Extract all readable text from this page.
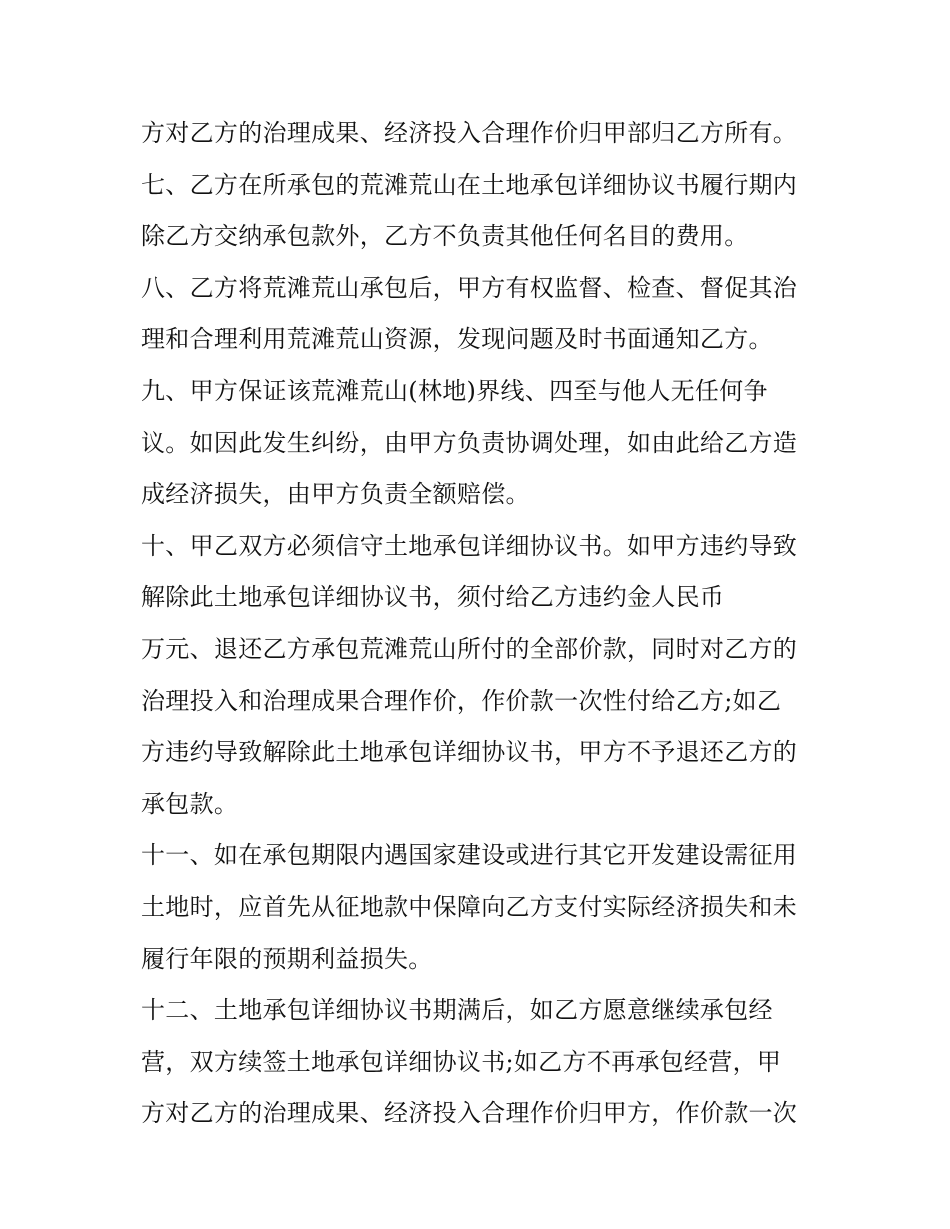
方对乙方的治理成果、经济投入合理作价归甲部归乙方所有。
七、乙方在所承包的荒滩荒山在土地承包详细协议书履行期内
除乙方交纳承包款外，乙方不负责其他任何名目的费用。
八、乙方将荒滩荒山承包后，甲方有权监督、检查、督促其治
理和合理利用荒滩荒山资源，发现问题及时书面通知乙方。
九、甲方保证该荒滩荒山(林地)界线、四至与他人无任何争
议。如因此发生纠纷，由甲方负责协调处理，如由此给乙方造
成经济损失，由甲方负责全额赔偿。
十、甲乙双方必须信守土地承包详细协议书。如甲方违约导致
解除此土地承包详细协议书，须付给乙方违约金人民币
万元、退还乙方承包荒滩荒山所付的全部价款，同时对乙方的
治理投入和治理成果合理作价，作价款一次性付给乙方;如乙
方违约导致解除此土地承包详细协议书，甲方不予退还乙方的
承包款。
十一、如在承包期限内遇国家建设或进行其它开发建设需征用
土地时，应首先从征地款中保障向乙方支付实际经济损失和未
履行年限的预期利益损失。
十二、土地承包详细协议书期满后，如乙方愿意继续承包经
营，双方续签土地承包详细协议书;如乙方不再承包经营，甲
方对乙方的治理成果、经济投入合理作价归甲方，作价款一次
